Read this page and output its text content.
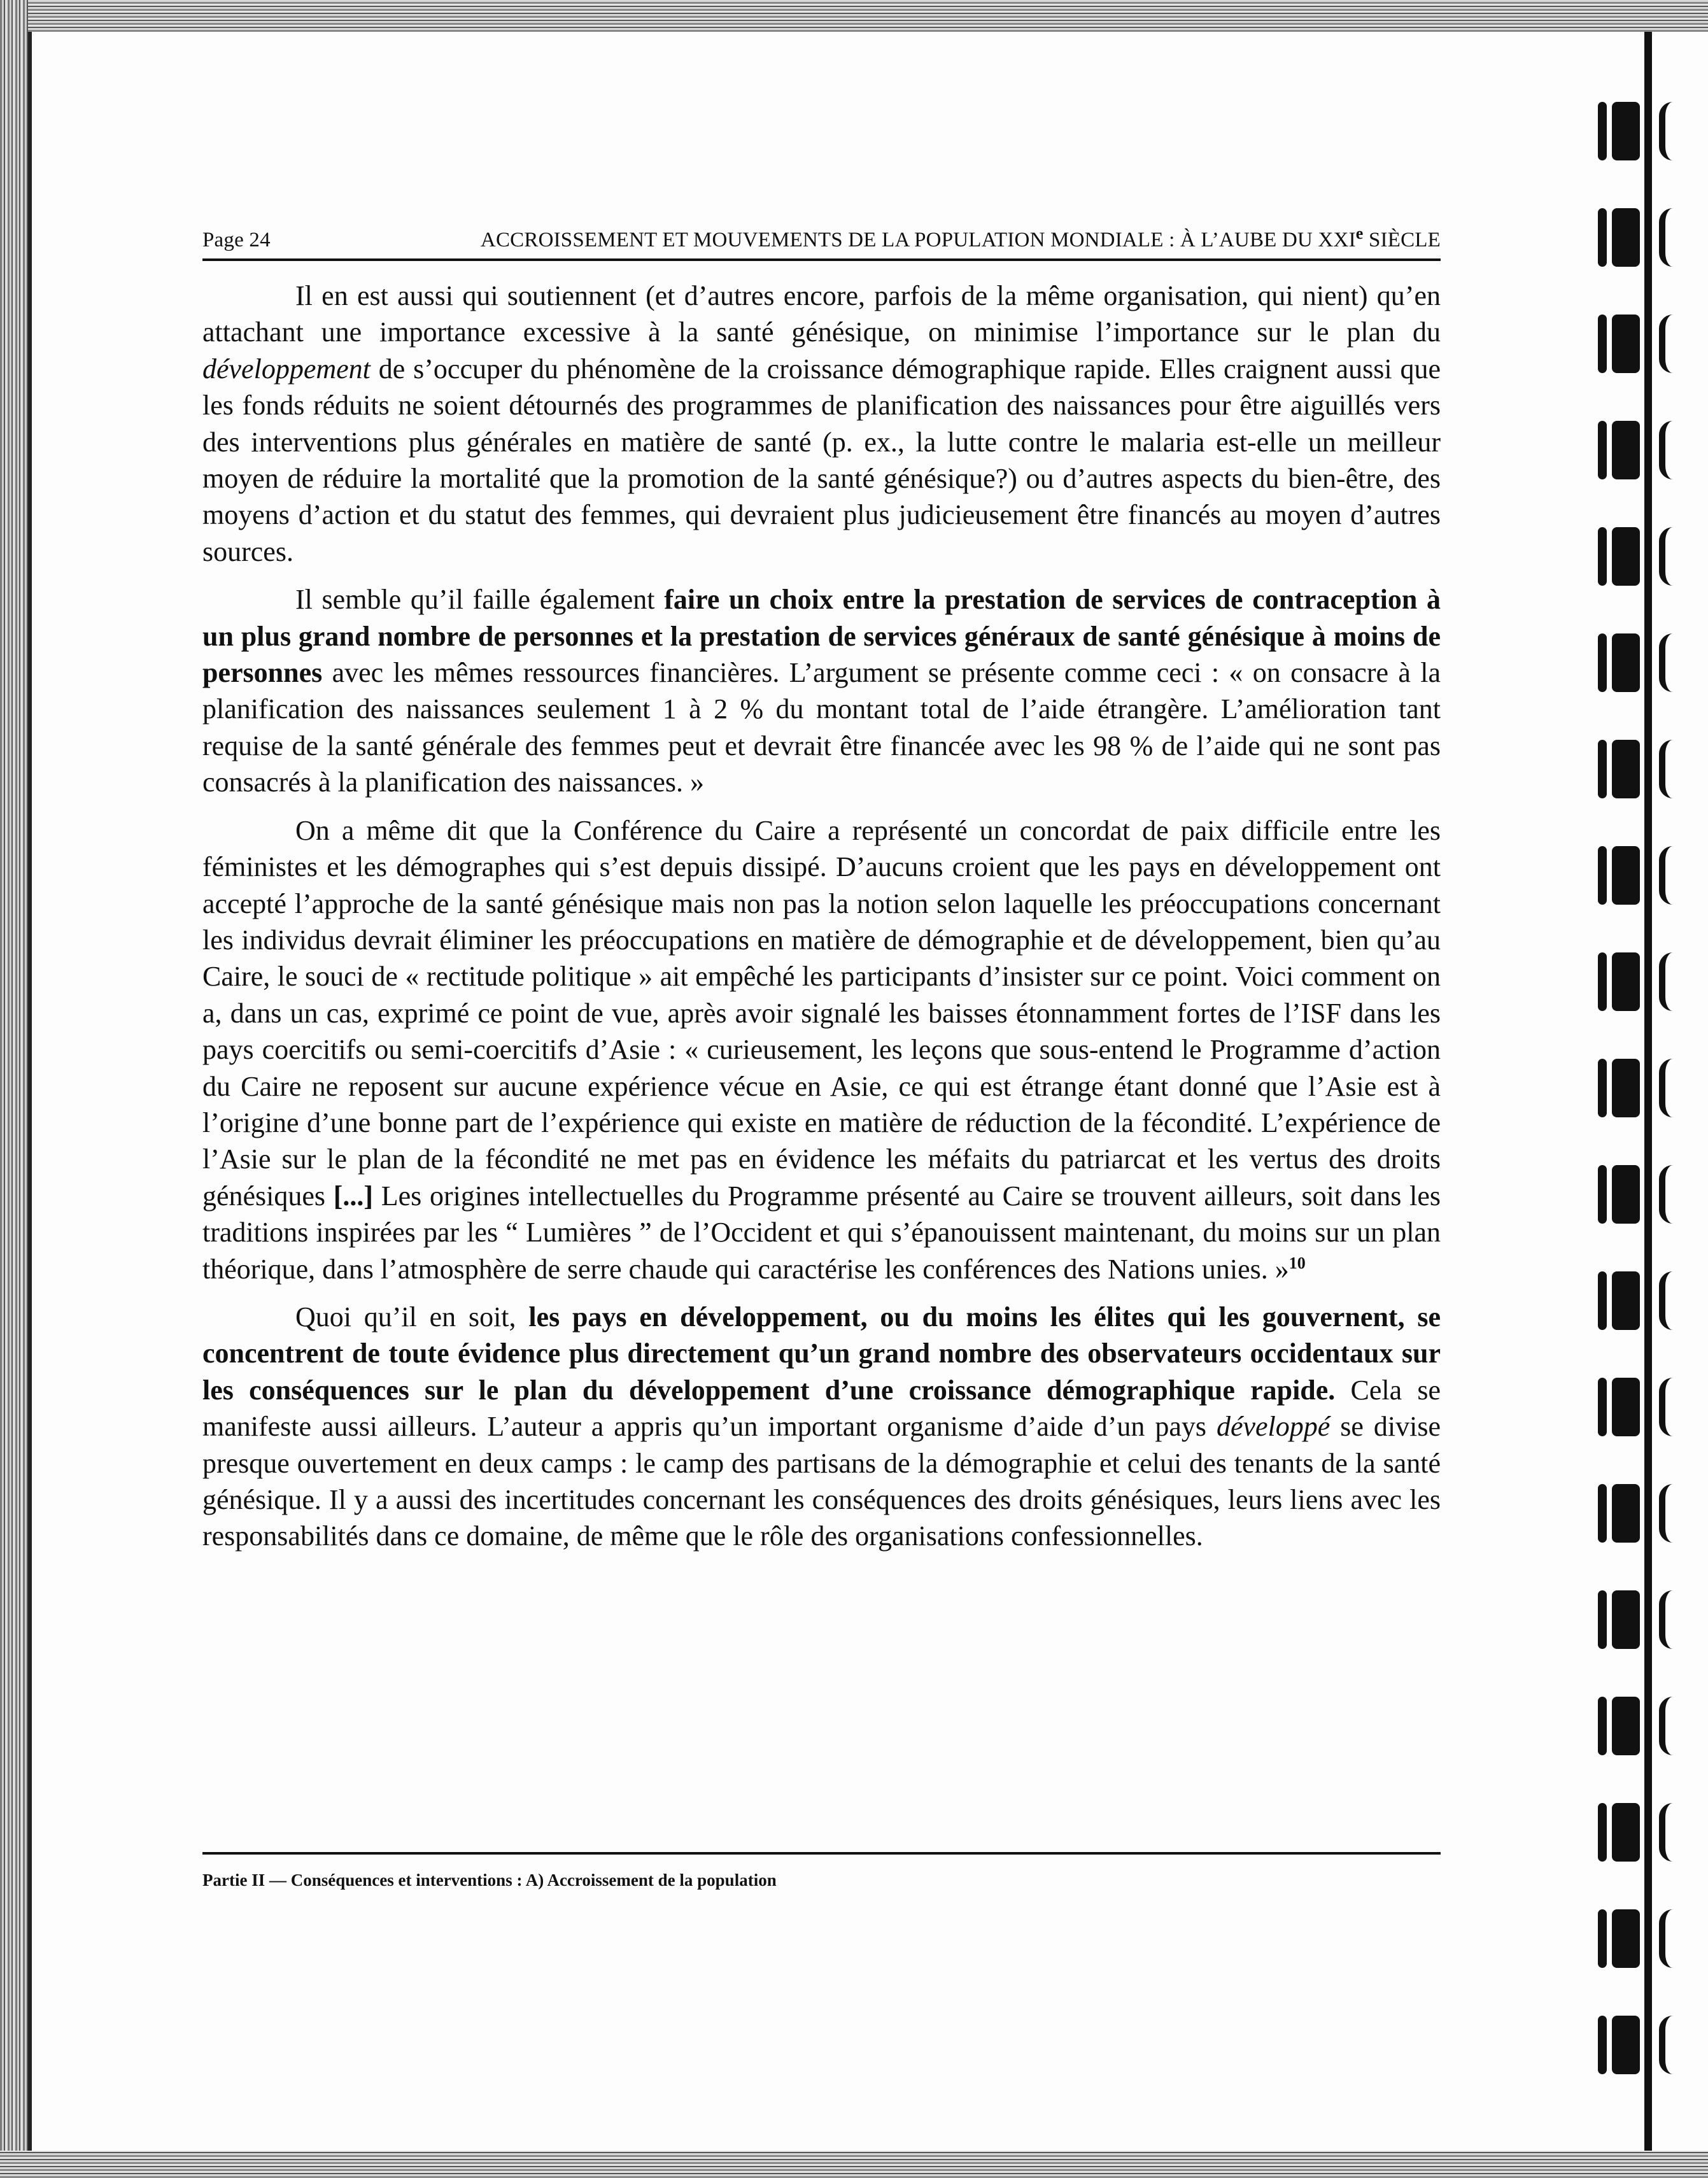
Page 24	ACCROISSEMENT ET MOUVEMENTS DE LA POPULATION MONDIALE : À L’AUBE DU XXIe SIÈCLE

Il en est aussi qui soutiennent (et d’autres encore, parfois de la même organisation, qui nient) qu’en attachant une importance excessive à la santé génésique, on minimise l’importance sur le plan du développement de s’occuper du phénomène de la croissance démographique rapide. Elles craignent aussi que les fonds réduits ne soient détournés des programmes de planification des naissances pour être aiguillés vers des interventions plus générales en matière de santé (p. ex., la lutte contre le malaria est-elle un meilleur moyen de réduire la mortalité que la promotion de la santé génésique?) ou d’autres aspects du bien-être, des moyens d’action et du statut des femmes, qui devraient plus judicieusement être financés au moyen d’autres sources.

Il semble qu’il faille également faire un choix entre la prestation de services de contraception à un plus grand nombre de personnes et la prestation de services généraux de santé génésique à moins de personnes avec les mêmes ressources financières. L’argument se présente comme ceci : « on consacre à la planification des naissances seulement 1 à 2 % du montant total de l’aide étrangère. L’amélioration tant requise de la santé générale des femmes peut et devrait être financée avec les 98 % de l’aide qui ne sont pas consacrés à la planification des naissances. »

On a même dit que la Conférence du Caire a représenté un concordat de paix difficile entre les féministes et les démographes qui s’est depuis dissipé. D’aucuns croient que les pays en développement ont accepté l’approche de la santé génésique mais non pas la notion selon laquelle les préoccupations concernant les individus devrait éliminer les préoccupations en matière de démographie et de développement, bien qu’au Caire, le souci de « rectitude politique » ait empêché les participants d’insister sur ce point. Voici comment on a, dans un cas, exprimé ce point de vue, après avoir signalé les baisses étonnamment fortes de l’ISF dans les pays coercitifs ou semi-coercitifs d’Asie : « curieusement, les leçons que sous-entend le Programme d’action du Caire ne reposent sur aucune expérience vécue en Asie, ce qui est étrange étant donné que l’Asie est à l’origine d’une bonne part de l’expérience qui existe en matière de réduction de la fécondité. L’expérience de l’Asie sur le plan de la fécondité ne met pas en évidence les méfaits du patriarcat et les vertus des droits génésiques [...] Les origines intellectuelles du Programme présenté au Caire se trouvent ailleurs, soit dans les traditions inspirées par les “ Lumières ” de l’Occident et qui s’épanouissent maintenant, du moins sur un plan théorique, dans l’atmosphère de serre chaude qui caractérise les conférences des Nations unies. »$^{10}$

Quoi qu’il en soit, les pays en développement, ou du moins les élites qui les gouvernent, se concentrent de toute évidence plus directement qu’un grand nombre des observateurs occidentaux sur les conséquences sur le plan du développement d’une croissance démographique rapide. Cela se manifeste aussi ailleurs. L’auteur a appris qu’un important organisme d’aide d’un pays développé se divise presque ouvertement en deux camps : le camp des partisans de la démographie et celui des tenants de la santé génésique. Il y a aussi des incertitudes concernant les conséquences des droits génésiques, leurs liens avec les responsabilités dans ce domaine, de même que le rôle des organisations confessionnelles.

Partie II — Conséquences et interventions : A) Accroissement de la population
